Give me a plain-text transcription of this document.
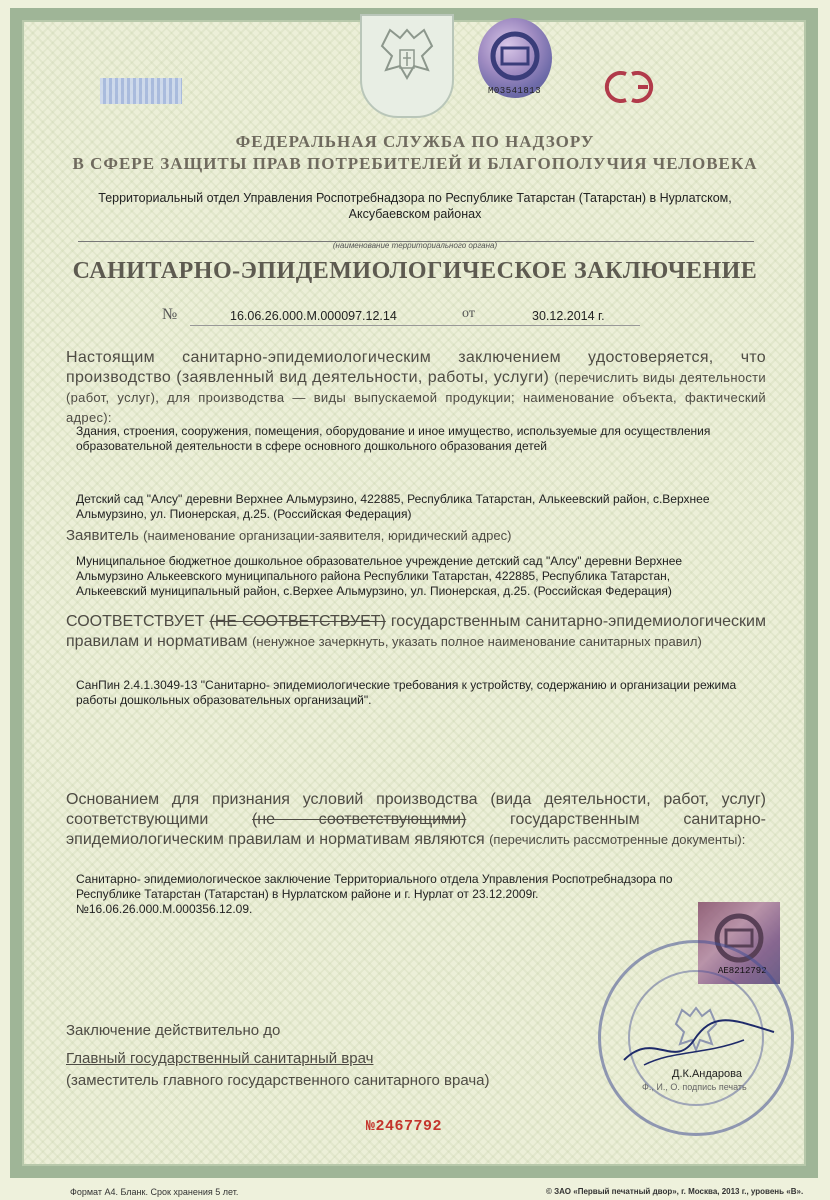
М03541813
ФЕДЕРАЛЬНАЯ СЛУЖБА ПО НАДЗОРУ
В СФЕРЕ ЗАЩИТЫ ПРАВ ПОТРЕБИТЕЛЕЙ И БЛАГОПОЛУЧИЯ ЧЕЛОВЕКА
Территориальный отдел Управления Роспотребнадзора по Республике Татарстан (Татарстан) в Нурлатском, Аксубаевском районах
(наименование территориального органа)
САНИТАРНО-ЭПИДЕМИОЛОГИЧЕСКОЕ ЗАКЛЮЧЕНИЕ
№	16.06.26.000.М.000097.12.14	от	30.12.2014 г.
Настоящим санитарно-эпидемиологическим заключением удостоверяется, что производство (заявленный вид деятельности, работы, услуги) (перечислить виды деятельности (работ, услуг), для производства — виды выпускаемой продукции; наименование объекта, фактический адрес):
Здания, строения, сооружения, помещения, оборудование и иное имущество, используемые для осуществления образовательной деятельности в сфере основного дошкольного образования детей
Детский сад "Алсу" деревни Верхнее Альмурзино, 422885, Республика Татарстан, Алькеевский район, с.Верхнее Альмурзино, ул. Пионерская, д.25. (Российская Федерация)
Заявитель (наименование организации-заявителя, юридический адрес)
Муниципальное бюджетное дошкольное образовательное учреждение детский сад "Алсу" деревни Верхнее Альмурзино Алькеевского муниципального района Республики Татарстан, 422885, Республика Татарстан, Алькеевский муниципальный район, с.Верхее Альмурзино, ул. Пионерская, д.25. (Российская Федерация)
СООТВЕТСТВУЕТ (НЕ СООТВЕТСТВУЕТ) государственным санитарно-эпидемиологическим правилам и нормативам (ненужное зачеркнуть, указать полное наименование санитарных правил)
СанПин 2.4.1.3049-13 "Санитарно- эпидемиологические требования к устройству, содержанию и организации режима работы дошкольных образовательных организаций".
Основанием для признания условий производства (вида деятельности, работ, услуг) соответствующими	(не соответствующими)	государственным санитарно-эпидемиологическим правилам и нормативам являются (перечислить рассмотренные документы):
Санитарно- эпидемиологическое заключение Территориального отдела Управления Роспотребнадзора по Республике Татарстан (Татарстан) в Нурлатском районе и г. Нурлат от 23.12.2009г. №16.06.26.000.М.000356.12.09.
АЕ8212792
Заключение действительно до
Главный государственный санитарный врач
(заместитель главного государственного санитарного врача)	Д.К.Андарова
Ф., И., О. подпись печать
№2467792
Формат А4. Бланк. Срок хранения 5 лет.	© ЗАО «Первый печатный двор», г. Москва, 2013 г., уровень «В».
